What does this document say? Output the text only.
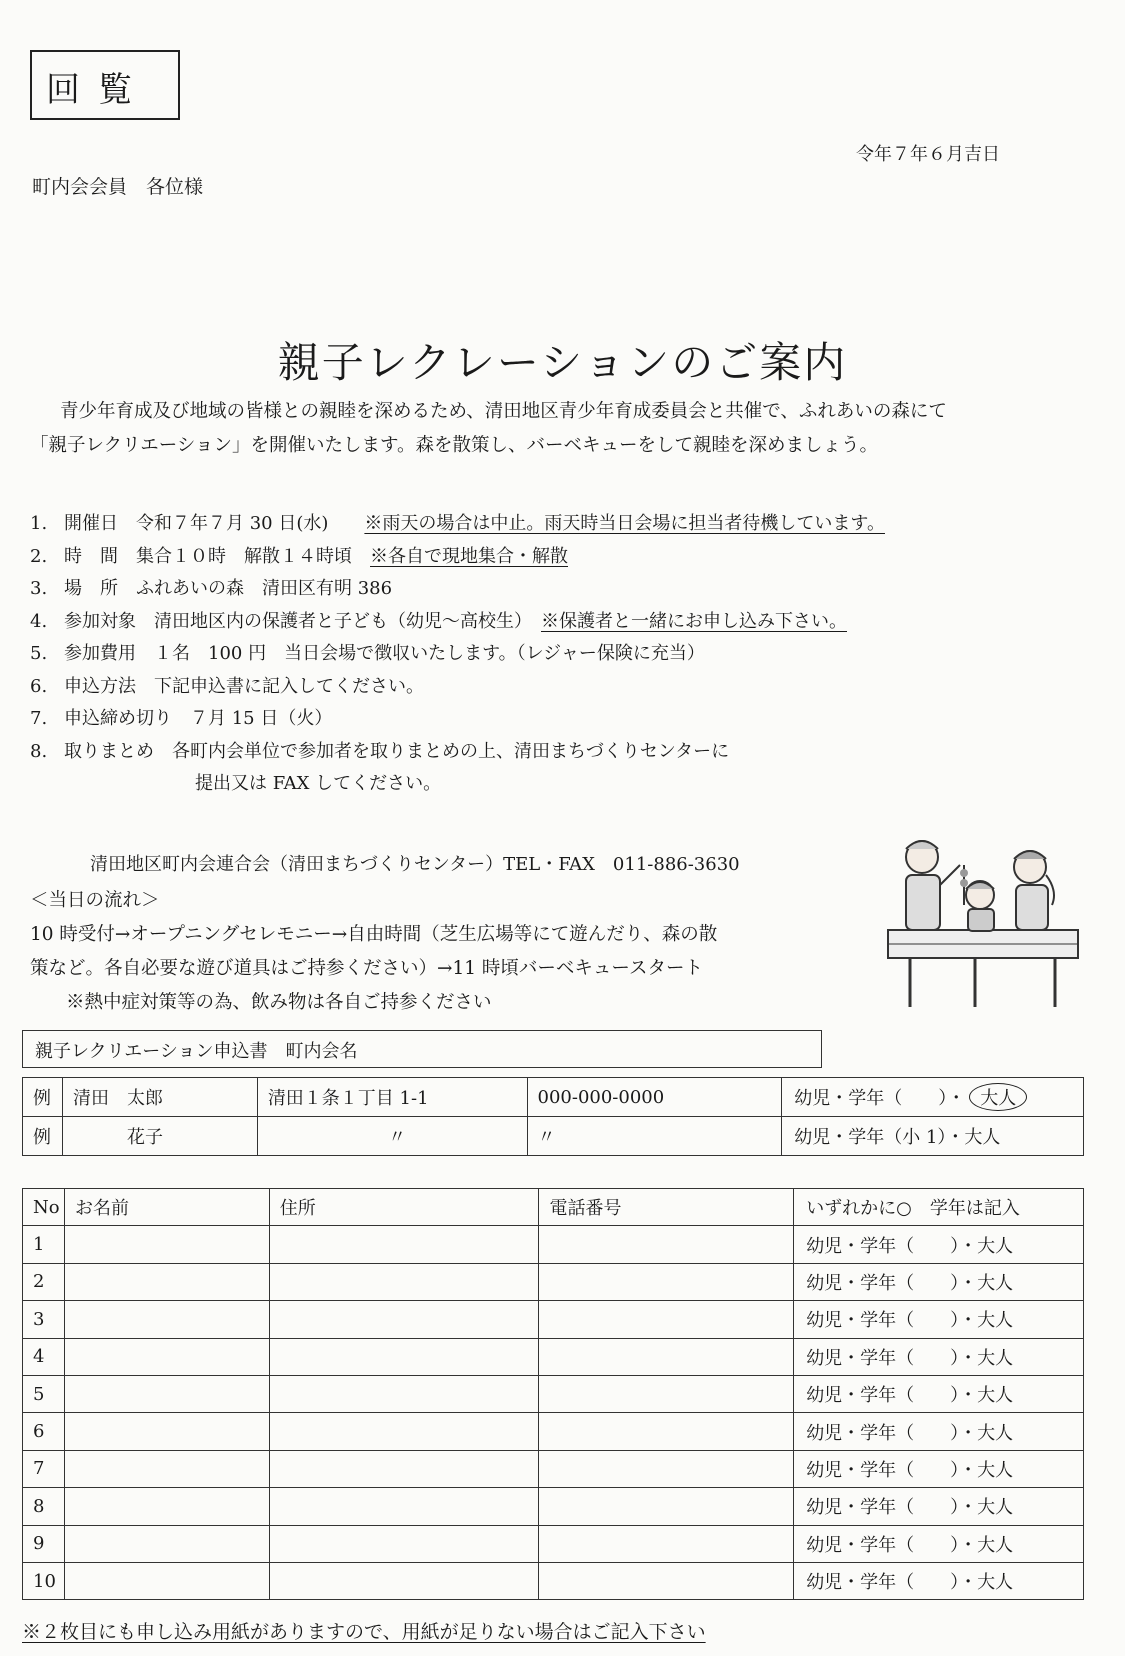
回覧
令年７年６月吉日
町内会会員　各位様
親子レクレーションのご案内

青少年育成及び地域の皆様との親睦を深めるため、清田地区青少年育成委員会と共催で、ふれあいの森にて

「親子レクリエーション」を開催いたします。森を散策し、バーベキューをして親睦を深めましょう。

1. 開催日　令和７年７月 30 日(水)　　 ※雨天の場合は中止。雨天時当日会場に担当者待機しています。
2. 時　間　集合１０時　解散１４時頃　 ※各自で現地集合・解散
3. 場　所　ふれあいの森　清田区有明 386
4. 参加対象　清田地区内の保護者と子ども（幼児～高校生）　 ※保護者と一緒にお申し込み下さい。
5. 参加費用　１名　100 円　当日会場で徴収いたします。（レジャー保険に充当）
6. 申込方法　下記申込書に記入してください。
7. 申込締め切り　７月 15 日（火）
8. 取りまとめ　各町内会単位で参加者を取りまとめの上、清田まちづくりセンターに
提出又は FAX してください。
清田地区町内会連合会（清田まちづくりセンター）TEL・FAX　011-886-3630
＜当日の流れ＞
10 時受付→オープニングセレモニー→自由時間（芝生広場等にて遊んだり、森の散
策など。各自必要な遊び道具はご持参ください）→11 時頃バーベキュースタート
※熱中症対策等の為、飲み物は各自ご持参ください
親子レクリエーション申込書　町内会名
例	清田　太郎	清田１条１丁目 1-1	000-000-0000	幼児・学年（　　）・ 大人
例	　　　花子	〃	〃	幼児・学年（小 1）・大人
No	お名前	住所	電話番号	いずれかに○　学年は記入
1				幼児・学年（　　）・大人
2				幼児・学年（　　）・大人
3				幼児・学年（　　）・大人
4				幼児・学年（　　）・大人
5				幼児・学年（　　）・大人
6				幼児・学年（　　）・大人
7				幼児・学年（　　）・大人
8				幼児・学年（　　）・大人
9				幼児・学年（　　）・大人
10				幼児・学年（　　）・大人
※２枚目にも申し込み用紙がありますので、用紙が足りない場合はご記入下さい
